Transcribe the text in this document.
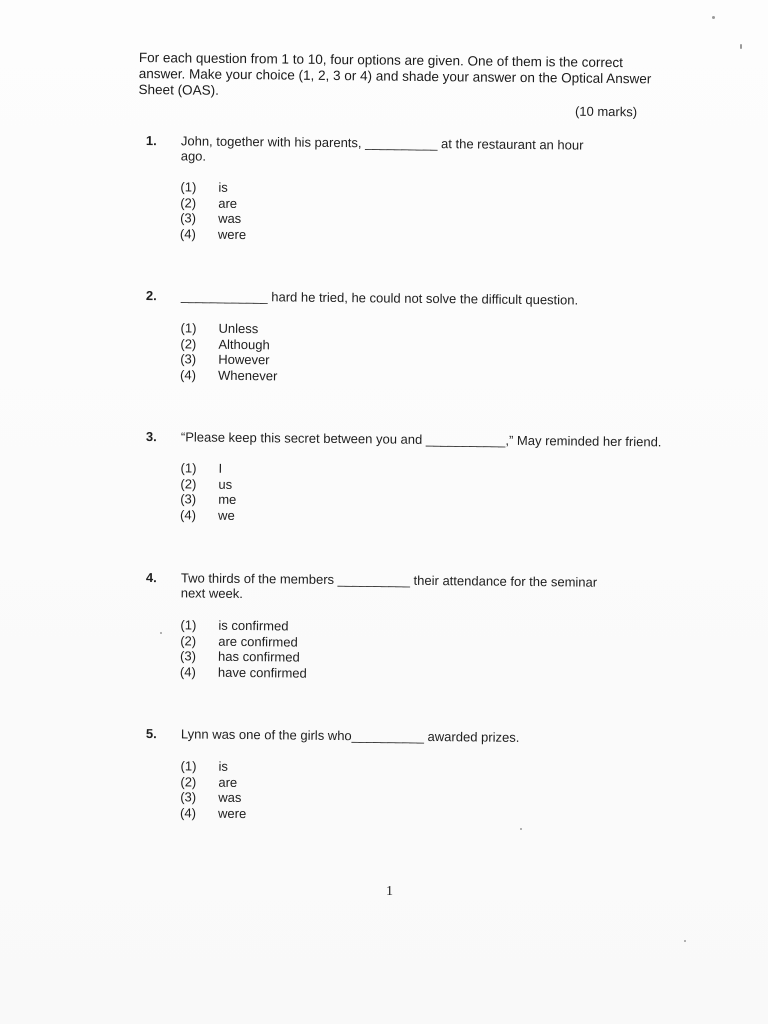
For each question from 1 to 10, four options are given. One of them is the correct answer. Make your choice (1, 2, 3 or 4) and shade your answer on the Optical Answer Sheet (OAS).
(10 marks)
1. John, together with his parents, __________ at the restaurant an hour ago.
(1)	is
(2)	are
(3)	was
(4)	were
2. ____________ hard he tried, he could not solve the difficult question.
(1)	Unless
(2)	Although
(3)	However
(4)	Whenever
3. “Please keep this secret between you and ___________,” May reminded her friend.
(1)	I
(2)	us
(3)	me
(4)	we
4. Two thirds of the members __________ their attendance for the seminar next week.
(1)	is confirmed
(2)	are confirmed
(3)	has confirmed
(4)	have confirmed
5. Lynn was one of the girls who__________ awarded prizes.
(1)	is
(2)	are
(3)	was
(4)	were
1
